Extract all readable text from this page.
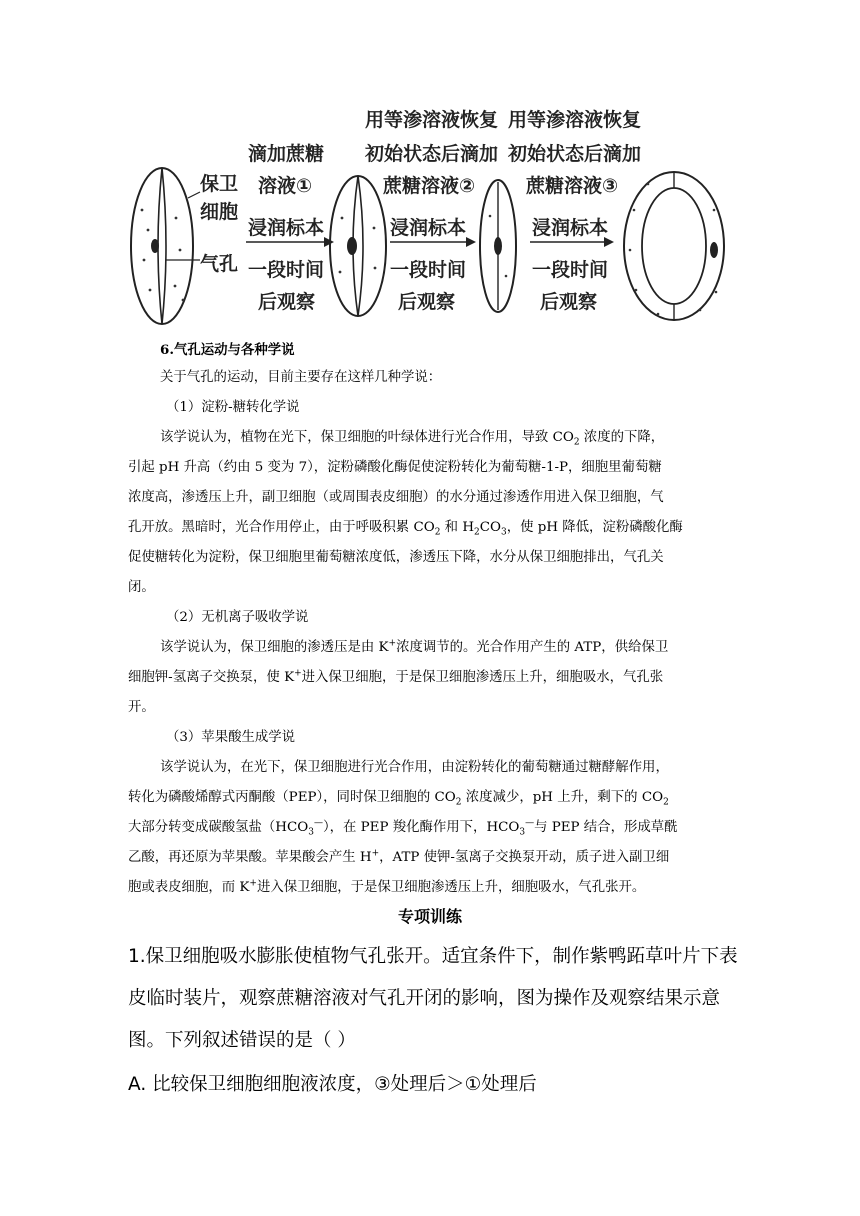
保卫
细胞
气孔
滴加蔗糖
溶液①
浸润标本
一段时间
后观察
用等渗溶液恢复
初始状态后滴加
蔗糖溶液②
浸润标本
一段时间
后观察
用等渗溶液恢复
初始状态后滴加
蔗糖溶液③
浸润标本
一段时间
后观察
6.气孔运动与各种学说
关于气孔的运动，目前主要存在这样几种学说：
（1）淀粉-糖转化学说
该学说认为，植物在光下，保卫细胞的叶绿体进行光合作用，导致 $CO_2$ 浓度的下降，
引起 pH 升高（约由 5 变为 7），淀粉磷酸化酶促使淀粉转化为葡萄糖-1-P，细胞里葡萄糖
浓度高，渗透压上升，副卫细胞（或周围表皮细胞）的水分通过渗透作用进入保卫细胞，气
孔开放。黑暗时，光合作用停止，由于呼吸积累 $CO_2$ 和 $H_2CO_3$，使 pH 降低，淀粉磷酸化酶
促使糖转化为淀粉，保卫细胞里葡萄糖浓度低，渗透压下降，水分从保卫细胞排出，气孔关
闭。
（2）无机离子吸收学说
该学说认为，保卫细胞的渗透压是由 K+浓度调节的。光合作用产生的 ATP，供给保卫
细胞钾-氢离子交换泵，使 K+进入保卫细胞，于是保卫细胞渗透压上升，细胞吸水，气孔张
开。
（3）苹果酸生成学说
该学说认为，在光下，保卫细胞进行光合作用，由淀粉转化的葡萄糖通过糖酵解作用，
转化为磷酸烯醇式丙酮酸（PEP），同时保卫细胞的 $CO_2$ 浓度减少，pH 上升，剩下的 $CO_2$
大部分转变成碳酸氢盐$(HCO_3^—)$，在 PEP 羧化酶作用下，$HCO_3^—$与 PEP 结合，形成草酰
乙酸，再还原为苹果酸。苹果酸会产生 H+，ATP 使钾-氢离子交换泵开动，质子进入副卫细
胞或表皮细胞，而 K+进入保卫细胞，于是保卫细胞渗透压上升，细胞吸水，气孔张开。
专项训练
1.保卫细胞吸水膨胀使植物气孔张开。适宜条件下，制作紫鸭跖草叶片下表
皮临时装片，观察蔗糖溶液对气孔开闭的影响，图为操作及观察结果示意
图。下列叙述错误的是（ ）
A. 比较保卫细胞细胞液浓度，③处理后＞①处理后
